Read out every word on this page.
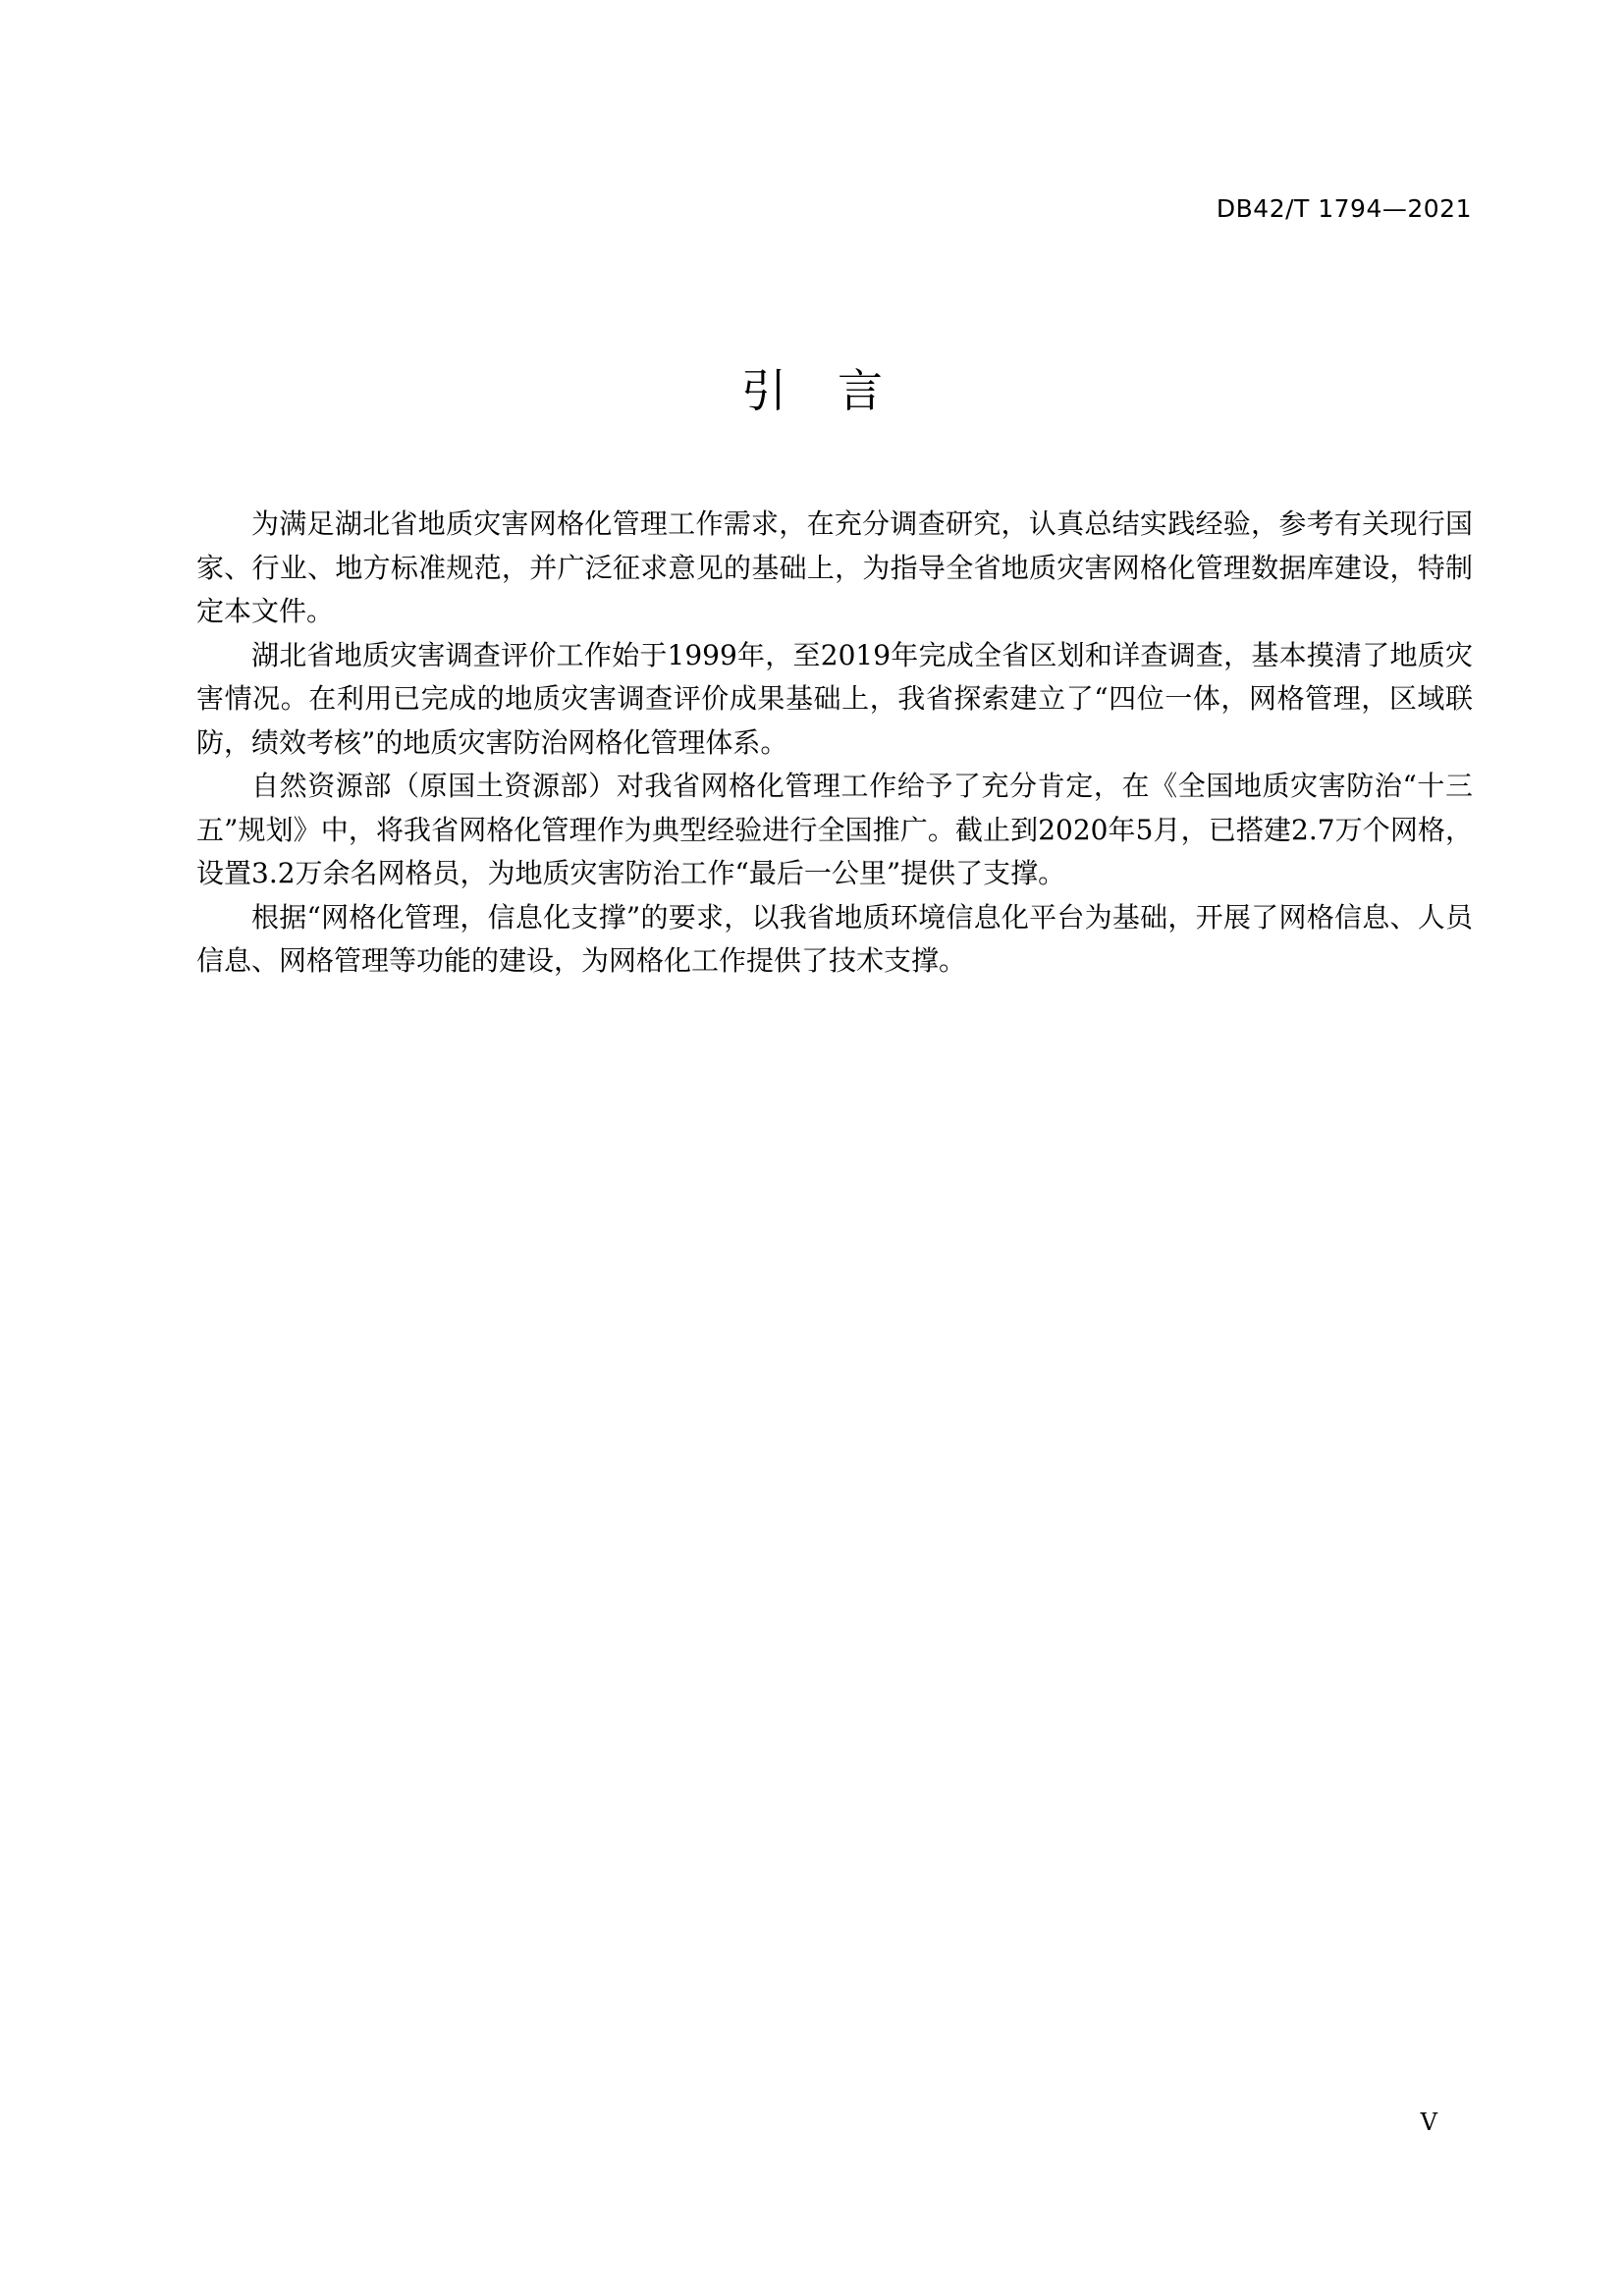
DB42/T 1794—2021
引言

为满足湖北省地质灾害网格化管理工作需求，在充分调查研究，认真总结实践经验，参考有关现行国家、行业、地方标准规范，并广泛征求意见的基础上，为指导全省地质灾害网格化管理数据库建设，特制定本文件。

湖北省地质灾害调查评价工作始于1999年，至2019年完成全省区划和详查调查，基本摸清了地质灾害情况。在利用已完成的地质灾害调查评价成果基础上，我省探索建立了“四位一体，网格管理，区域联防，绩效考核”的地质灾害防治网格化管理体系。

自然资源部（原国土资源部）对我省网格化管理工作给予了充分肯定，在《全国地质灾害防治“十三五”规划》中，将我省网格化管理作为典型经验进行全国推广。截止到2020年5月，已搭建2.7万个网格，设置3.2万余名网格员，为地质灾害防治工作“最后一公里”提供了支撑。

根据“网格化管理，信息化支撑”的要求，以我省地质环境信息化平台为基础，开展了网格信息、人员信息、网格管理等功能的建设，为网格化工作提供了技术支撑。

V
